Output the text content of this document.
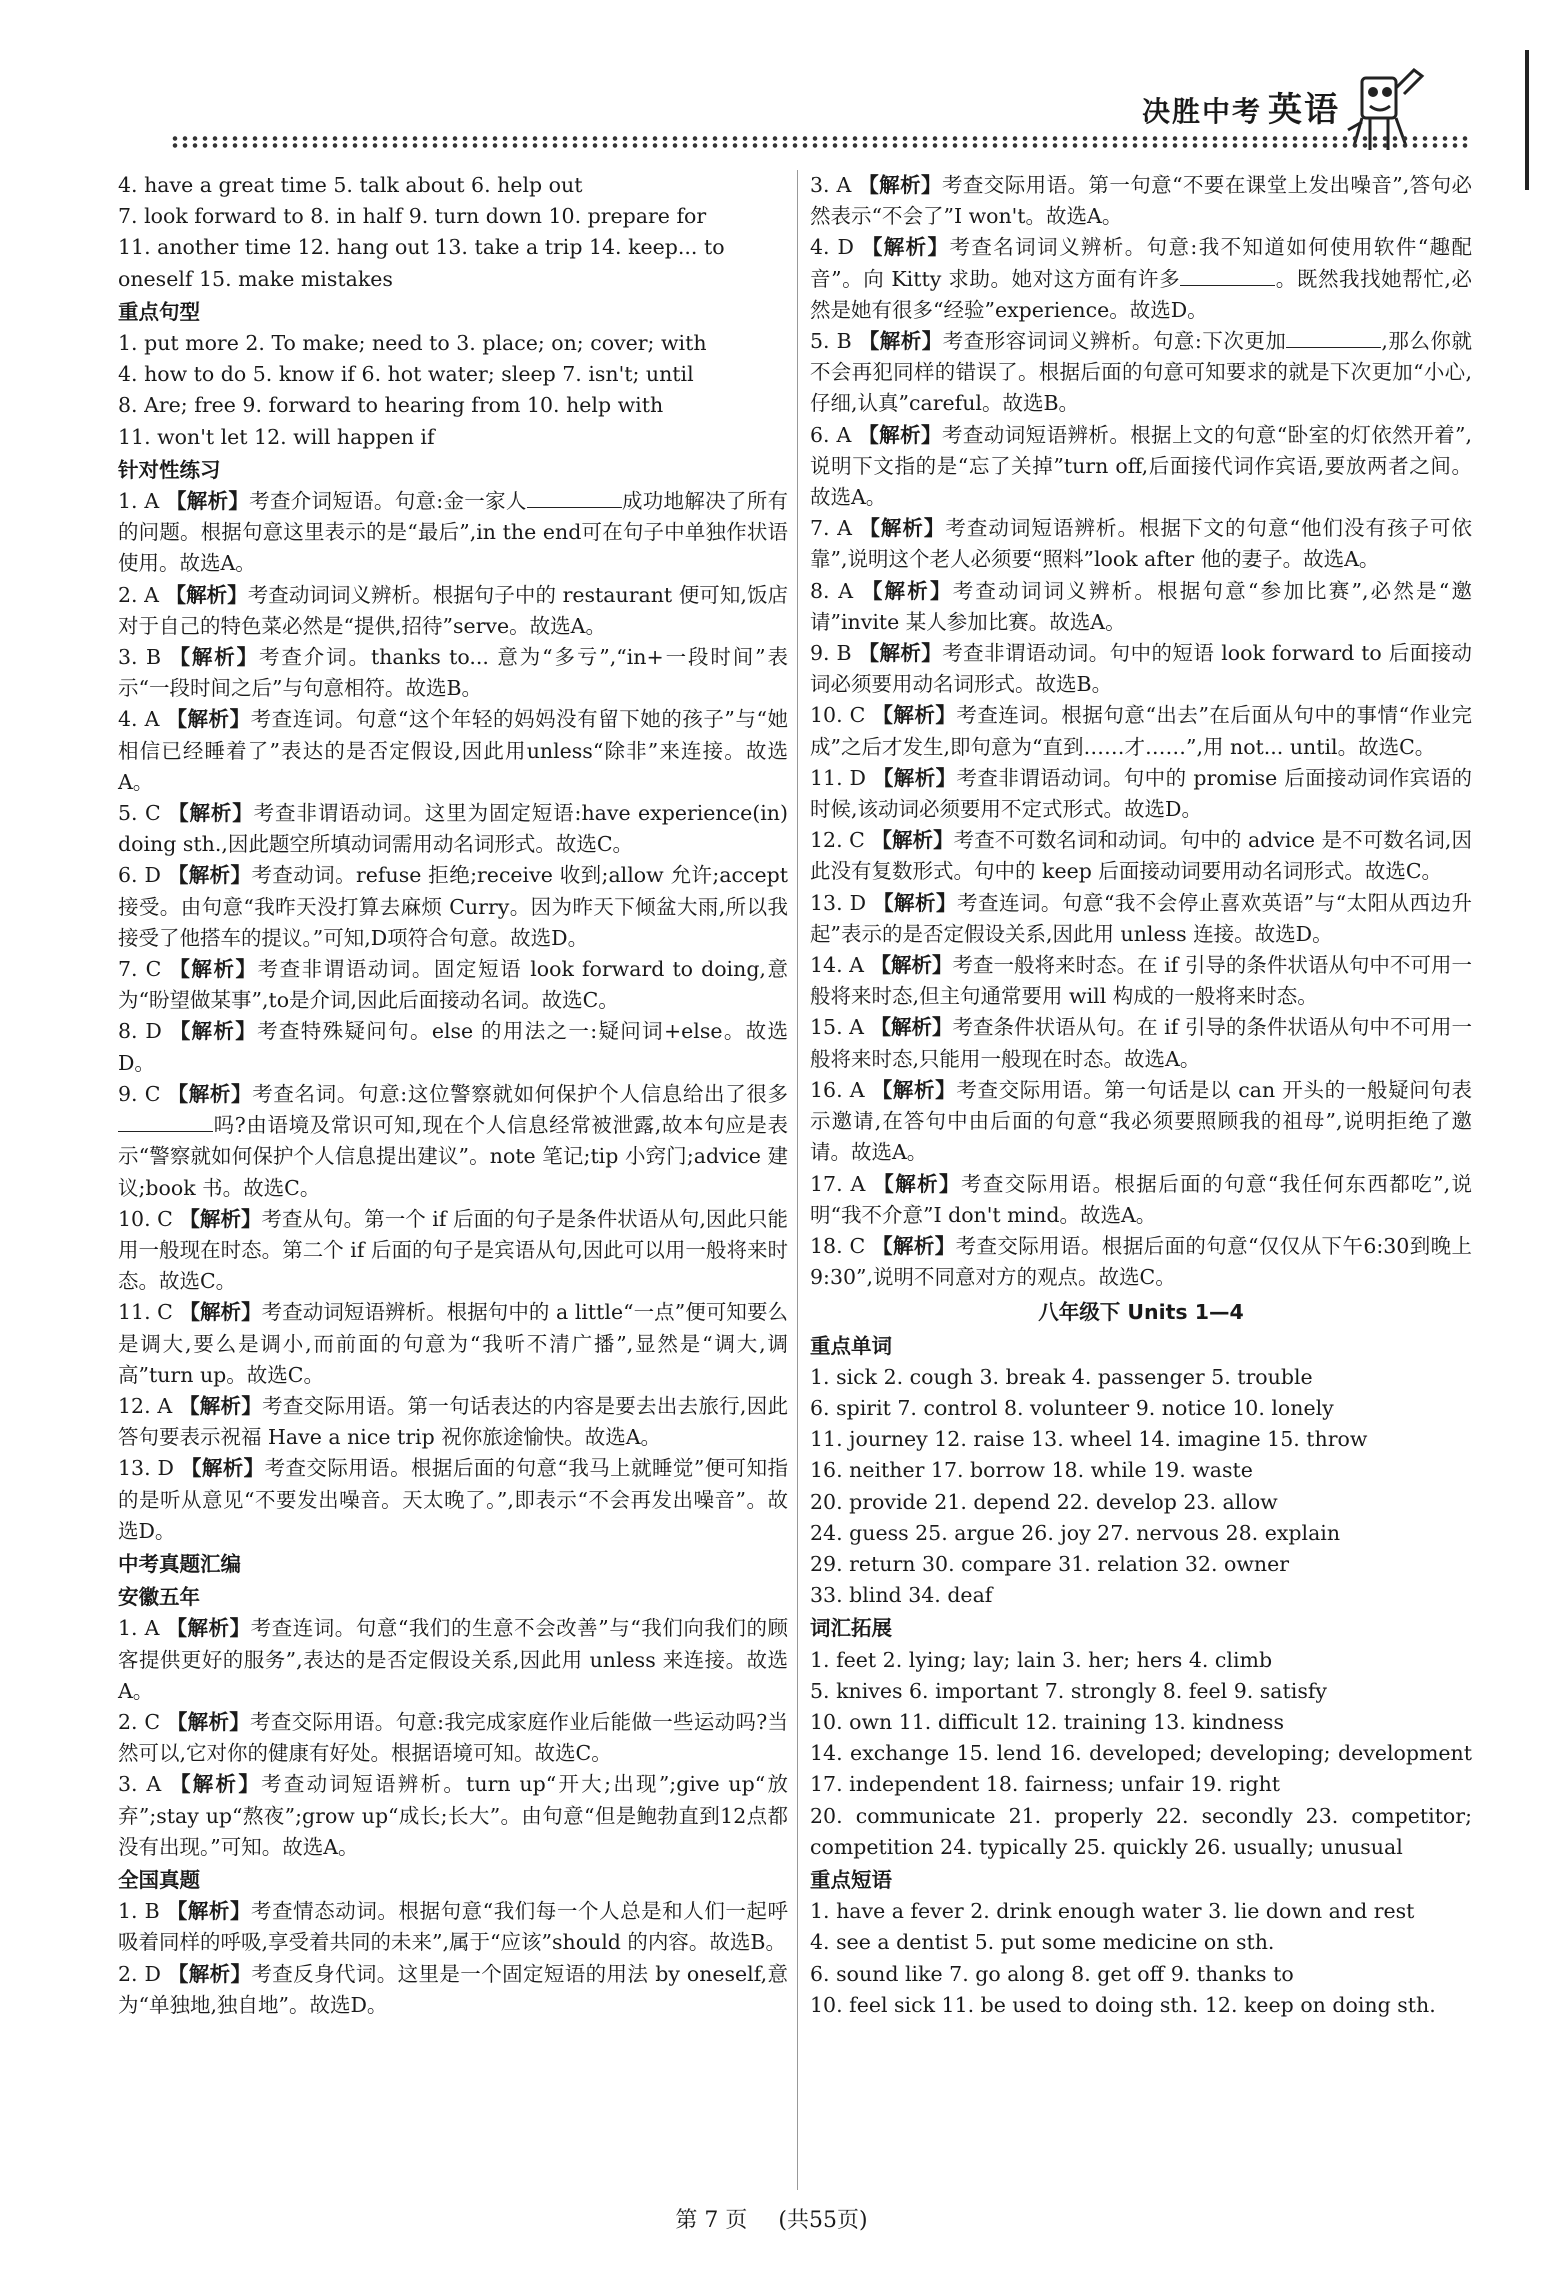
决胜中考 英语
4. have a great time 5. talk about 6. help out
7. look forward to 8. in half 9. turn down 10. prepare for
11. another time 12. hang out 13. take a trip 14. keep... to
oneself 15. make mistakes
重点句型
1. put more 2. To make; need to 3. place; on; cover; with
4. how to do 5. know if 6. hot water; sleep 7. isn't; until
8. Are; free 9. forward to hearing from 10. help with
11. won't let 12. will happen if
针对性练习
1. A 【解析】考查介词短语。句意:金一家人	成功地解决了所有的问题。根据句意这里表示的是“最后”,in the end可在句子中单独作状语使用。故选A。
2. A 【解析】考查动词词义辨析。根据句子中的 restaurant 便可知,饭店对于自己的特色菜必然是“提供,招待”serve。故选A。
3. B 【解析】考查介词。thanks to... 意为“多亏”,“in+一段时间”表示“一段时间之后”与句意相符。故选B。
4. A 【解析】考查连词。句意“这个年轻的妈妈没有留下她的孩子”与“她相信已经睡着了”表达的是否定假设,因此用unless“除非”来连接。故选A。
5. C 【解析】考查非谓语动词。这里为固定短语:have experience(in) doing sth.,因此题空所填动词需用动名词形式。故选C。
6. D 【解析】考查动词。refuse 拒绝;receive 收到;allow 允许;accept 接受。由句意“我昨天没打算去麻烦 Curry。因为昨天下倾盆大雨,所以我接受了他搭车的提议。”可知,D项符合句意。故选D。
7. C 【解析】考查非谓语动词。固定短语 look forward to doing,意为“盼望做某事”,to是介词,因此后面接动名词。故选C。
8. D 【解析】考查特殊疑问句。else 的用法之一:疑问词+else。故选D。
9. C 【解析】考查名词。句意:这位警察就如何保护个人信息给出了很多吗?由语境及常识可知,现在个人信息经常被泄露,故本句应是表示“警察就如何保护个人信息提出建议”。note 笔记;tip 小窍门;advice 建议;book 书。故选C。
10. C 【解析】考查从句。第一个 if 后面的句子是条件状语从句,因此只能用一般现在时态。第二个 if 后面的句子是宾语从句,因此可以用一般将来时态。故选C。
11. C 【解析】考查动词短语辨析。根据句中的 a little“一点”便可知要么是调大,要么是调小,而前面的句意为“我听不清广播”,显然是“调大,调高”turn up。故选C。
12. A 【解析】考查交际用语。第一句话表达的内容是要去出去旅行,因此答句要表示祝福 Have a nice trip 祝你旅途愉快。故选A。
13. D 【解析】考查交际用语。根据后面的句意“我马上就睡觉”便可知指的是听从意见“不要发出噪音。天太晚了。”,即表示“不会再发出噪音”。故选D。
中考真题汇编
安徽五年
1. A 【解析】考查连词。句意“我们的生意不会改善”与“我们向我们的顾客提供更好的服务”,表达的是否定假设关系,因此用 unless 来连接。故选A。
2. C 【解析】考查交际用语。句意:我完成家庭作业后能做一些运动吗?当然可以,它对你的健康有好处。根据语境可知。故选C。
3. A 【解析】考查动词短语辨析。turn up“开大;出现”;give up“放弃”;stay up“熬夜”;grow up“成长;长大”。由句意“但是鲍勃直到12点都没有出现。”可知。故选A。
全国真题
1. B 【解析】考查情态动词。根据句意“我们每一个人总是和人们一起呼吸着同样的呼吸,享受着共同的未来”,属于“应该”should 的内容。故选B。
2. D 【解析】考查反身代词。这里是一个固定短语的用法 by oneself,意为“单独地,独自地”。故选D。
3. A 【解析】考查交际用语。第一句意“不要在课堂上发出噪音”,答句必然表示“不会了”I won't。故选A。
4. D 【解析】考查名词词义辨析。句意:我不知道如何使用软件“趣配音”。向 Kitty 求助。她对这方面有许多	。既然我找她帮忙,必然是她有很多“经验”experience。故选D。
5. B 【解析】考查形容词词义辨析。句意:下次更加	,那么你就不会再犯同样的错误了。根据后面的句意可知要求的就是下次更加“小心,仔细,认真”careful。故选B。
6. A 【解析】考查动词短语辨析。根据上文的句意“卧室的灯依然开着”,说明下文指的是“忘了关掉”turn off,后面接代词作宾语,要放两者之间。故选A。
7. A 【解析】考查动词短语辨析。根据下文的句意“他们没有孩子可依靠”,说明这个老人必须要“照料”look after 他的妻子。故选A。
8. A 【解析】考查动词词义辨析。根据句意“参加比赛”,必然是“邀请”invite 某人参加比赛。故选A。
9. B 【解析】考查非谓语动词。句中的短语 look forward to 后面接动词必须要用动名词形式。故选B。
10. C 【解析】考查连词。根据句意“出去”在后面从句中的事情“作业完成”之后才发生,即句意为“直到……才……”,用 not... until。故选C。
11. D 【解析】考查非谓语动词。句中的 promise 后面接动词作宾语的时候,该动词必须要用不定式形式。故选D。
12. C 【解析】考查不可数名词和动词。句中的 advice 是不可数名词,因此没有复数形式。句中的 keep 后面接动词要用动名词形式。故选C。
13. D 【解析】考查连词。句意“我不会停止喜欢英语”与“太阳从西边升起”表示的是否定假设关系,因此用 unless 连接。故选D。
14. A 【解析】考查一般将来时态。在 if 引导的条件状语从句中不可用一般将来时态,但主句通常要用 will 构成的一般将来时态。
15. A 【解析】考查条件状语从句。在 if 引导的条件状语从句中不可用一般将来时态,只能用一般现在时态。故选A。
16. A 【解析】考查交际用语。第一句话是以 can 开头的一般疑问句表示邀请,在答句中由后面的句意“我必须要照顾我的祖母”,说明拒绝了邀请。故选A。
17. A 【解析】考查交际用语。根据后面的句意“我任何东西都吃”,说明“我不介意”I don't mind。故选A。
18. C 【解析】考查交际用语。根据后面的句意“仅仅从下午6:30到晚上9:30”,说明不同意对方的观点。故选C。
八年级下 Units 1—4
重点单词
1. sick 2. cough 3. break 4. passenger 5. trouble
6. spirit 7. control 8. volunteer 9. notice 10. lonely
11. journey 12. raise 13. wheel 14. imagine 15. throw
16. neither 17. borrow 18. while 19. waste
20. provide 21. depend 22. develop 23. allow
24. guess 25. argue 26. joy 27. nervous 28. explain
29. return 30. compare 31. relation 32. owner
33. blind 34. deaf
词汇拓展
1. feet 2. lying; lay; lain 3. her; hers 4. climb
5. knives 6. important 7. strongly 8. feel 9. satisfy
10. own 11. difficult 12. training 13. kindness
14. exchange 15. lend 16. developed; developing; development 17. independent 18. fairness; unfair 19. right
20. communicate 21. properly 22. secondly 23. competitor; competition 24. typically 25. quickly 26. usually; unusual
重点短语
1. have a fever 2. drink enough water 3. lie down and rest
4. see a dentist 5. put some medicine on sth.
6. sound like 7. go along 8. get off 9. thanks to
10. feel sick 11. be used to doing sth. 12. keep on doing sth.
第 7 页 (共55页)
